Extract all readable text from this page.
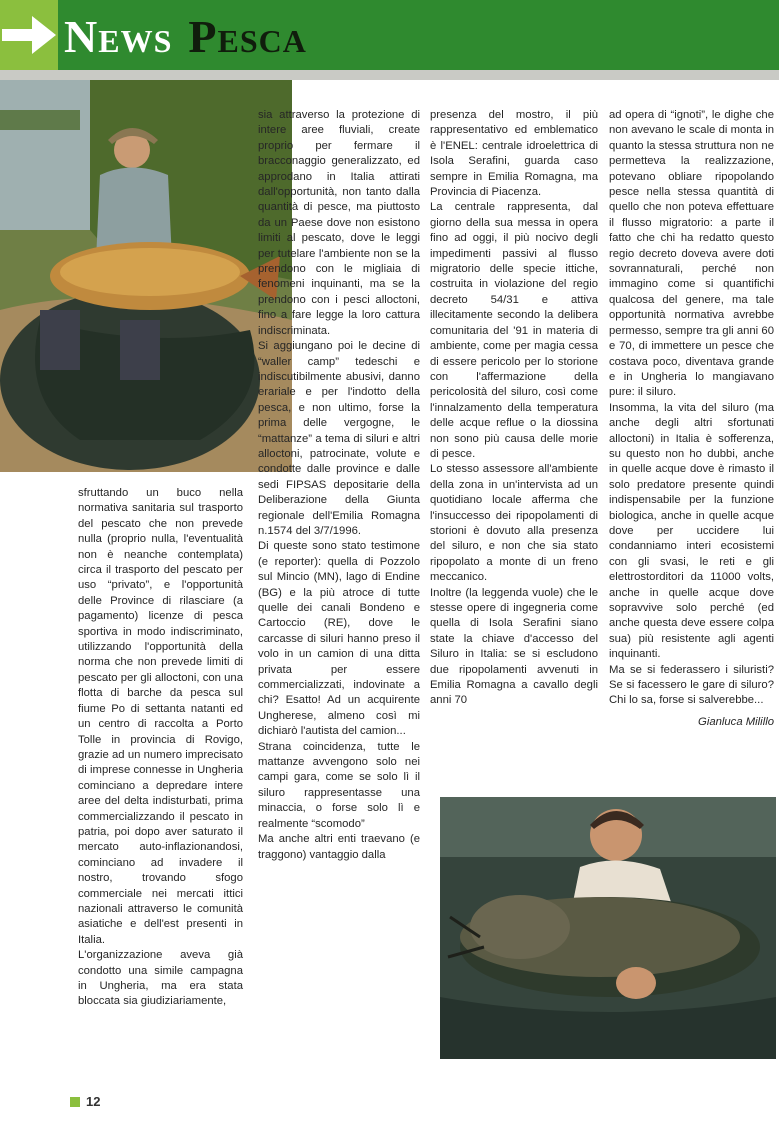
News Pesca

sfruttando un buco nella normativa sanitaria sul trasporto del pescato che non prevede nulla (proprio nulla, l'eventualità non è neanche contemplata) circa il trasporto del pescato per uso “privato”, e l'opportunità delle Province di rilasciare (a pagamento) licenze di pesca sportiva in modo indiscriminato, utilizzando l'opportunità della norma che non prevede limiti di pescato per gli alloctoni, con una flotta di barche da pesca sul fiume Po di settanta natanti ed un centro di raccolta a Porto Tolle in provincia di Rovigo, grazie ad un numero imprecisato di imprese connesse in Ungheria cominciano a depredare intere aree del delta indisturbati, prima commercializzando il pescato in patria, poi dopo aver saturato il mercato auto-inflazionandosi, cominciano ad invadere il nostro, trovando sfogo commerciale nei mercati ittici nazionali attraverso le comunità asiatiche e dell'est presenti in Italia.

L'organizzazione aveva già condotto una simile campagna in Ungheria, ma era stata bloccata sia giudiziariamente,

sia attraverso la protezione di intere aree fluviali, create proprio per fermare il bracconaggio generalizzato, ed approdano in Italia attirati dall'opportunità, non tanto dalla quantità di pesce, ma piuttosto da un Paese dove non esistono limiti al pescato, dove le leggi per tutelare l'ambiente non se la prendono con le migliaia di fenomeni inquinanti, ma se la prendono con i pesci alloctoni, fino a fare legge la loro cattura indiscriminata.

Si aggiungano poi le decine di “waller camp” tedeschi e indiscutibilmente abusivi, danno erariale e per l'indotto della pesca, e non ultimo, forse la prima delle vergogne, le “mattanze” a tema di siluri e altri alloctoni, patrocinate, volute e condotte dalle province e dalle sedi FIPSAS depositarie della Deliberazione della Giunta regionale dell'Emilia Romagna n.1574 del 3/7/1996.

Di queste sono stato testimone (e reporter): quella di Pozzolo sul Mincio (MN), lago di Endine (BG) e la più atroce di tutte quelle dei canali Bondeno e Cartoccio (RE), dove le carcasse di siluri hanno preso il volo in un camion di una ditta privata per essere commercializzati, indovinate a chi? Esatto! Ad un acquirente Ungherese, almeno così mi dichiarò l'autista del camion...

Strana coincidenza, tutte le mattanze avvengono solo nei campi gara, come se solo lì il siluro rappresentasse una minaccia, o forse solo lì e realmente “scomodo”

Ma anche altri enti traevano (e traggono) vantaggio dalla

presenza del mostro, il più rappresentativo ed emblematico è l'ENEL: centrale idroelettrica di Isola Serafini, guarda caso sempre in Emilia Romagna, ma Provincia di Piacenza.

La centrale rappresenta, dal giorno della sua messa in opera fino ad oggi, il più nocivo degli impedimenti passivi al flusso migratorio delle specie ittiche, costruita in violazione del regio decreto 54/31 e attiva illecitamente secondo la delibera comunitaria del '91 in materia di ambiente, come per magia cessa di essere pericolo per lo storione con l'affermazione della pericolosità del siluro, così come l'innalzamento della temperatura delle acque reflue o la diossina non sono più causa delle morie di pesce.

Lo stesso assessore all'ambiente della zona in un'intervista ad un quotidiano locale afferma che l'insuccesso dei ripopolamenti di storioni è dovuto alla presenza del siluro, e non che sia stato ripopolato a monte di un freno meccanico.

Inoltre (la leggenda vuole) che le stesse opere di ingegneria come quella di Isola Serafini siano state la chiave d'accesso del Siluro in Italia: se si escludono due ripopolamenti avvenuti in Emilia Romagna a cavallo degli anni 70

ad opera di “ignoti”, le dighe che non avevano le scale di monta in quanto la stessa struttura non ne permetteva la realizzazione, potevano obliare ripopolando pesce nella stessa quantità di quello che non poteva effettuare il flusso migratorio: a parte il fatto che chi ha redatto questo regio decreto doveva avere doti sovrannaturali, perché non immagino come si quantifichi qualcosa del genere, ma tale opportunità normativa avrebbe permesso, sempre tra gli anni 60 e 70, di immettere un pesce che costava poco, diventava grande e in Ungheria lo mangiavano pure: il siluro.

Insomma, la vita del siluro (ma anche degli altri sfortunati alloctoni) in Italia è sofferenza, su questo non ho dubbi, anche in quelle acque dove è rimasto il solo predatore presente quindi indispensabile per la funzione biologica, anche in quelle acque dove per uccidere lui condanniamo interi ecosistemi con gli svasi, le reti e gli elettrostorditori da 11000 volts, anche in quelle acque dove sopravvive solo perché (ed anche questa deve essere colpa sua) più resistente agli agenti inquinanti.

Ma se si federassero i siluristi? Se si facessero le gare di siluro? Chi lo sa, forse si salverebbe...

Gianluca Milillo

12
